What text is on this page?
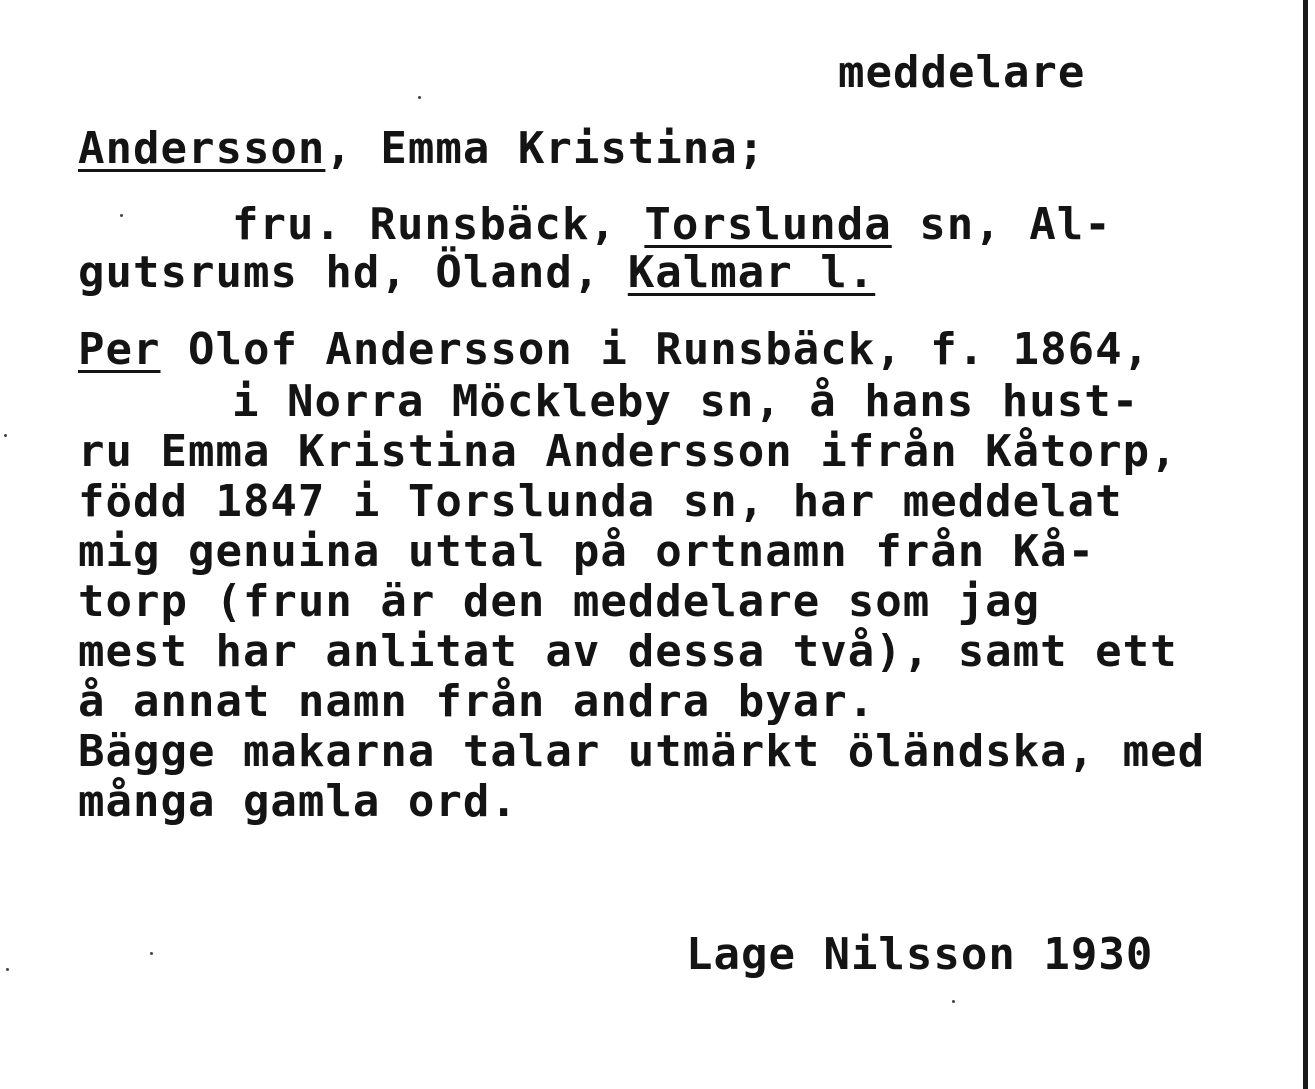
meddelare
Andersson, Emma Kristina;
fru. Runsbäck, Torslunda sn, Al-
gutsrums hd, Öland, Kalmar l.
Per Olof Andersson i Runsbäck, f. 1864,
i Norra Möckleby sn, å hans hust-
ru Emma Kristina Andersson ifrån Kåtorp,
född 1847 i Torslunda sn, har meddelat
mig genuina uttal på ortnamn från Kå-
torp (frun är den meddelare som jag
mest har anlitat av dessa två), samt ett
å annat namn från andra byar.
Bägge makarna talar utmärkt öländska, med
många gamla ord.
Lage Nilsson 1930
